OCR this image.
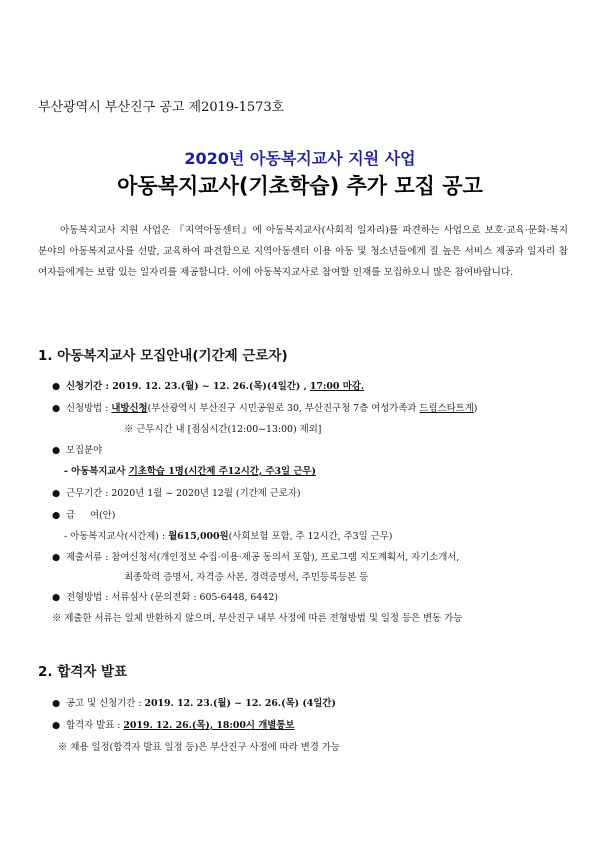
부산광역시 부산진구 공고 제2019-1573호
2020년 아동복지교사 지원 사업
아동복지교사(기초학습) 추가 모집 공고
아동복지교사 지원 사업은 『지역아동센터』에 아동복지교사(사회적 일자리)를 파견하는 사업으로 보호·교육·문화·복지 분야의 아동복지교사를 선발, 교육하여 파견함으로 지역아동센터 이용 아동 및 청소년들에게 질 높은 서비스 제공과 일자리 참여자들에게는 보람 있는 일자리를 제공합니다. 이에 아동복지교사로 참여할 인재를 모집하오니 많은 참여바랍니다.
1. 아동복지교사 모집안내(기간제 근로자)
● 신청기간 : 2019. 12. 23.(월) ~ 12. 26.(목)(4일간) , 17:00 마감.
● 신청방법 : 내방신청(부산광역시 부산진구 시민공원로 30, 부산진구청 7층 여성가족과 드림스타트계)
※ 근무시간 내 [점심시간(12:00~13:00) 제외]
● 모집분야
- 아동복지교사 기초학습 1명(시간제 주12시간, 주3일 근무)
● 근무기간 : 2020년 1월 ~ 2020년 12월 (기간제 근로자)
● 급     여(안)
- 아동복지교사(시간제) : 월615,000원(사회보험 포함, 주 12시간, 주3일 근무)
● 제출서류 : 참여신청서(개인정보 수집·이용·제공 동의서 포함), 프로그램 지도계획서, 자기소개서,
최종학력 증명서, 자격증 사본, 경력증명서, 주민등록등본 등
● 전형방법 : 서류심사 (문의전화 : 605-6448, 6442)
※ 제출한 서류는 일체 반환하지 않으며, 부산진구 내부 사정에 따른 전형방법 및 일정 등은 변동 가능
2. 합격자 발표
● 공고 및 신청기간 : 2019. 12. 23.(월) ~ 12. 26.(목) (4일간)
● 합격자 발표 : 2019. 12. 26.(목), 18:00시 개별통보
※ 채용 일정(합격자 발표 일정 등)은 부산진구 사정에 따라 변경 가능
